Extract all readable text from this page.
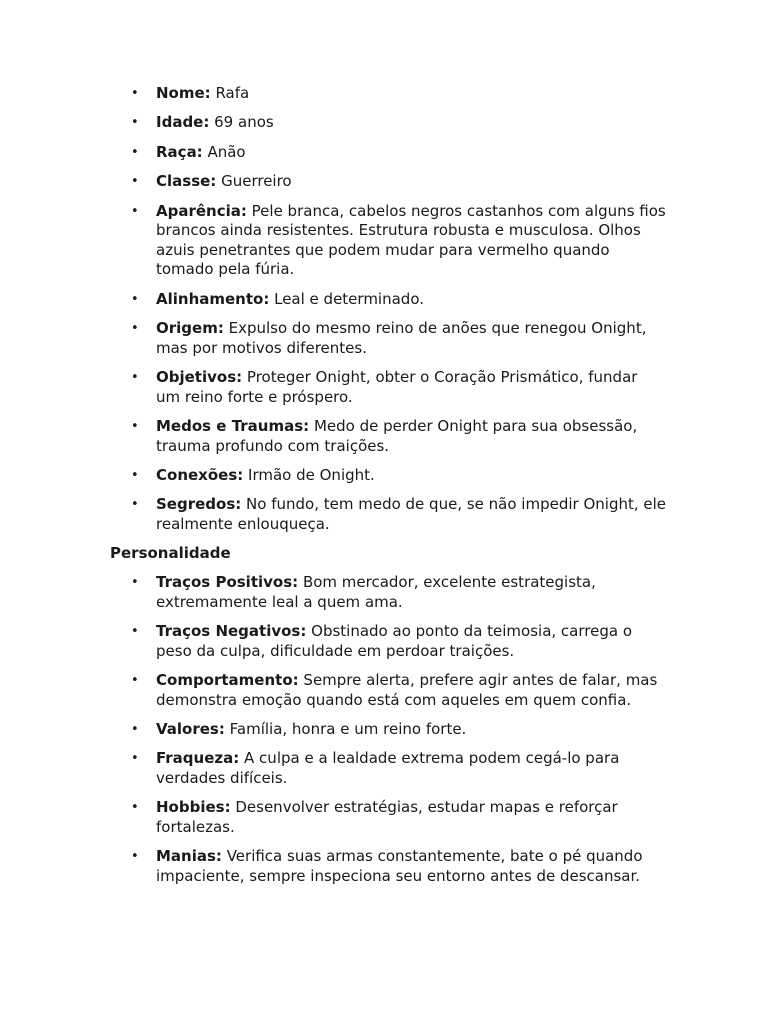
• Nome: Rafa
• Idade: 69 anos
• Raça: Anão
• Classe: Guerreiro
• Aparência: Pele branca, cabelos negros castanhos com alguns fios brancos ainda resistentes. Estrutura robusta e musculosa. Olhos azuis penetrantes que podem mudar para vermelho quando tomado pela fúria.
• Alinhamento: Leal e determinado.
• Origem: Expulso do mesmo reino de anões que renegou Onight, mas por motivos diferentes.
• Objetivos: Proteger Onight, obter o Coração Prismático, fundar um reino forte e próspero.
• Medos e Traumas: Medo de perder Onight para sua obsessão, trauma profundo com traições.
• Conexões: Irmão de Onight.
• Segredos: No fundo, tem medo de que, se não impedir Onight, ele realmente enlouqueça.

Personalidade

• Traços Positivos: Bom mercador, excelente estrategista, extremamente leal a quem ama.
• Traços Negativos: Obstinado ao ponto da teimosia, carrega o peso da culpa, dificuldade em perdoar traições.
• Comportamento: Sempre alerta, prefere agir antes de falar, mas demonstra emoção quando está com aqueles em quem confia.
• Valores: Família, honra e um reino forte.
• Fraqueza: A culpa e a lealdade extrema podem cegá-lo para verdades difíceis.
• Hobbies: Desenvolver estratégias, estudar mapas e reforçar fortalezas.
• Manias: Verifica suas armas constantemente, bate o pé quando impaciente, sempre inspeciona seu entorno antes de descansar.
